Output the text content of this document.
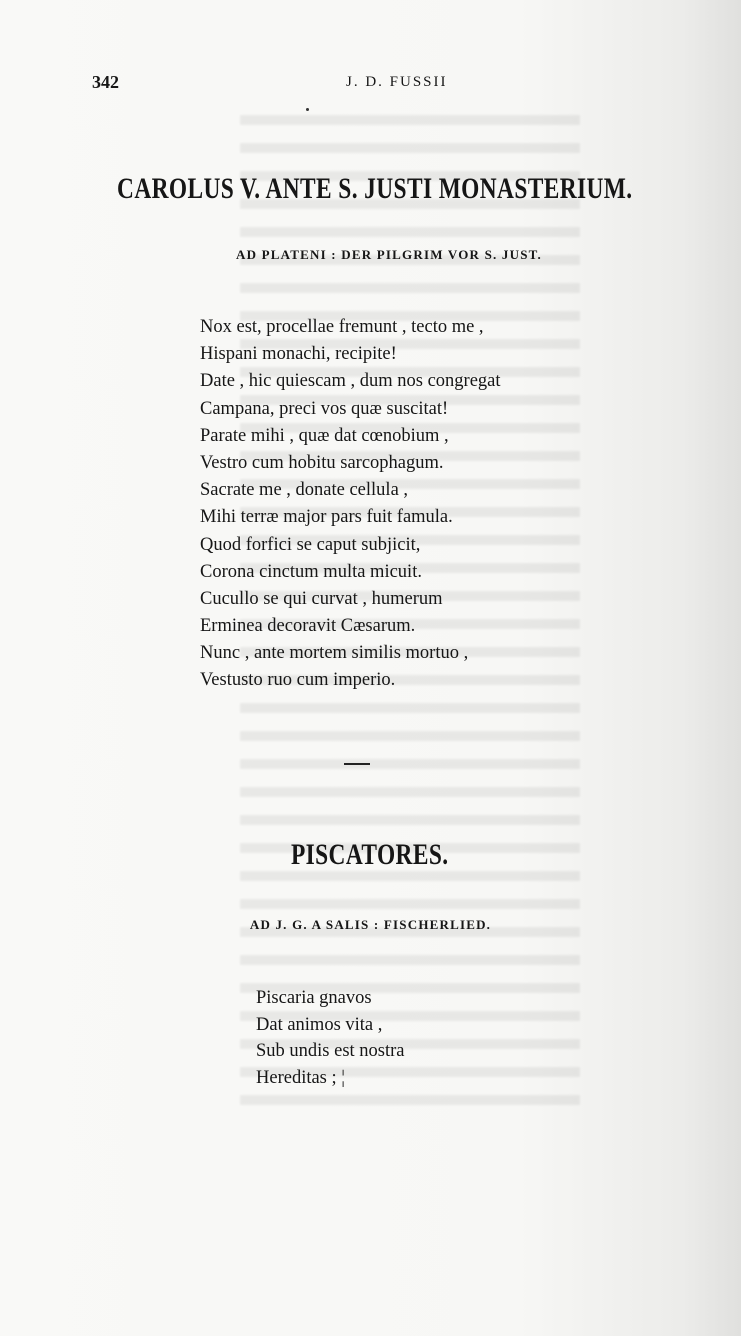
342	J. D. FUSSII
CAROLUS V. ANTE S. JUSTI MONASTERIUM.
AD PLATENI : DER PILGRIM VOR S. JUST.
Nox est, procellae fremunt , tecto me ,
Hispani monachi, recipite!
Date , hic quiescam , dum nos congregat
Campana, preci vos quæ suscitat!
Parate mihi , quæ dat cœnobium ,
Vestro cum hobitu sarcophagum.
Sacrate me , donate cellula ,
Mihi terræ major pars fuit famula.
Quod forfici se caput subjicit,
Corona cinctum multa micuit.
Cucullo se qui curvat , humerum
Erminea decoravit Cæsarum.
Nunc , ante mortem similis mortuo ,
Vestusto ruo cum imperio.
PISCATORES.
AD J. G. A SALIS : FISCHERLIED.
Piscaria gnavos
Dat animos vita ,
Sub undis est nostra
Hereditas ; ¦
